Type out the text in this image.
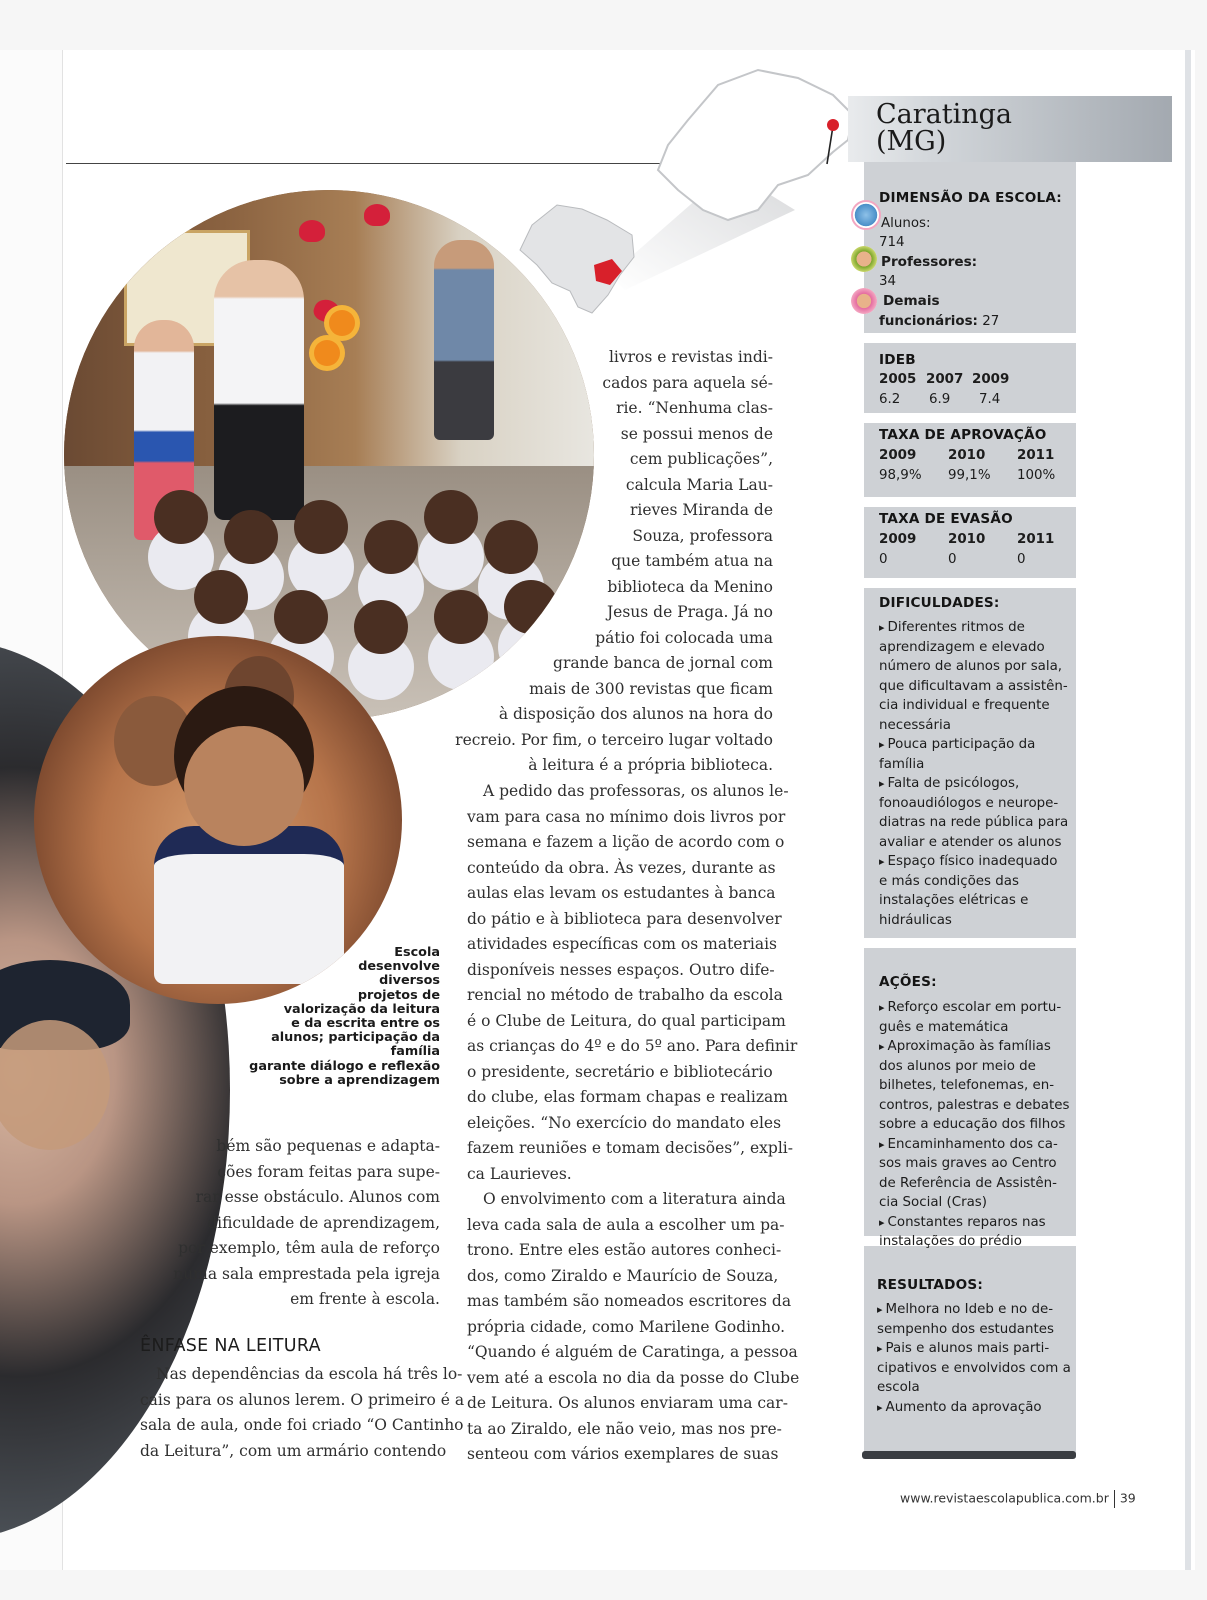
Caratinga
(MG)
DIMENSÃO DA ESCOLA:
Alunos:
714
Professores:
34
Demais
funcionários: 27
IDEB
2005 2007 2009
6.2 6.9 7.4
TAXA DE APROVAÇÃO
2009 2010 2011
98,9% 99,1% 100%
TAXA DE EVASÃO
2009 2010 2011
0	0	0
DIFICULDADES:
▸ Diferentes ritmos de
aprendizagem e elevado número de alunos por sala, que dificultavam a assistên- cia individual e frequente necessária
▸ Pouca participação da
família
▸ Falta de psicólogos,
fonoaudiólogos e neurope- diatras na rede pública para avaliar e atender os alunos
▸ Espaço físico inadequado
e más condições das instalações elétricas e hidráulicas
AÇÕES:
▸ Reforço escolar em portu-
guês e matemática
▸ Aproximação às famílias
dos alunos por meio de bilhetes, telefonemas, en- contros, palestras e debates sobre a educação dos filhos
▸ Encaminhamento dos ca-
sos mais graves ao Centro de Referência de Assistên- cia Social (Cras)
▸ Constantes reparos nas
instalações do prédio
RESULTADOS:
▸ Melhora no Ideb e no de-
sempenho dos estudantes
▸ Pais e alunos mais parti-
cipativos e envolvidos com a escola
▸ Aumento da aprovação
Escola
desenvolve
diversos
projetos de
valorização da leitura
e da escrita entre os
alunos; participação da família
garante diálogo e reflexão
sobre a aprendizagem
livros e revistas indi-
cados para aquela sé-
rie. “Nenhuma clas-
se possui menos de
cem publicações”,
calcula Maria Lau-
rieves Miranda de
Souza, professora
que também atua na
biblioteca da Menino
Jesus de Praga. Já no
pátio foi colocada uma
grande banca de jornal com
mais de 300 revistas que ficam
à disposição dos alunos na hora do
recreio. Por fim, o terceiro lugar voltado
à leitura é a própria biblioteca.
A pedido das professoras, os alunos le-
vam para casa no mínimo dois livros por
semana e fazem a lição de acordo com o
conteúdo da obra. Às vezes, durante as
aulas elas levam os estudantes à banca
do pátio e à biblioteca para desenvolver
atividades específicas com os materiais
disponíveis nesses espaços. Outro dife-
rencial no método de trabalho da escola
é o Clube de Leitura, do qual participam
as crianças do 4º e do 5º ano. Para definir
o presidente, secretário e bibliotecário
do clube, elas formam chapas e realizam
eleições. “No exercício do mandato eles
fazem reuniões e tomam decisões”, expli-
ca Laurieves.
O envolvimento com a literatura ainda
leva cada sala de aula a escolher um pa-
trono. Entre eles estão autores conheci-
dos, como Ziraldo e Maurício de Souza,
mas também são nomeados escritores da
própria cidade, como Marilene Godinho.
“Quando é alguém de Caratinga, a pessoa
vem até a escola no dia da posse do Clube
de Leitura. Os alunos enviaram uma car-
ta ao Ziraldo, ele não veio, mas nos pre-
senteou com vários exemplares de suas
bém são pequenas e adapta-
ções foram feitas para supe-
rar esse obstáculo. Alunos com
dificuldade de aprendizagem,
por exemplo, têm aula de reforço
numa sala emprestada pela igreja
em frente à escola.
ÊNFASE NA LEITURA
Nas dependências da escola há três lo-
cais para os alunos lerem. O primeiro é a
sala de aula, onde foi criado “O Cantinho
da Leitura”, com um armário contendo
www.revistaescolapublica.com.br 39
